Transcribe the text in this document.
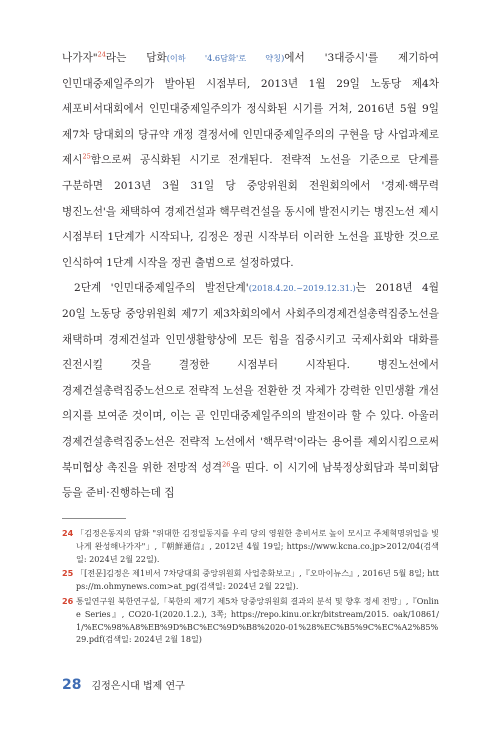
나가자"$^{24}$라는 담화(이하 '4.6담화'로 약칭)에서 '3대증시'를 제기하여 인민대중제일주의가 발아된 시점부터, 2013년 1월 29일 노동당 제4차 세포비서대회에서 인민대중제일주의가 정식화된 시기를 거쳐, 2016년 5월 9일 제7차 당대회의 당규약 개정 결정서에 인민대중제일주의의 구현을 당 사업과제로 제시$^{25}$함으로써 공식화된 시기로 전개된다. 전략적 노선을 기준으로 단계를 구분하면 2013년 3월 31일 당 중앙위원회 전원회의에서 '경제·핵무력 병진노선'을 채택하여 경제건설과 핵무력건설을 동시에 발전시키는 병진노선 제시 시점부터 1단계가 시작되나, 김정은 정권 시작부터 이러한 노선을 표방한 것으로 인식하여 1단계 시작을 정권 출범으로 설정하였다.

2단계 '인민대중제일주의 발전단계'(2018.4.20.~2019.12.31.)는 2018년 4월 20일 노동당 중앙위원회 제7기 제3차회의에서 사회주의경제건설총력집중노선을 채택하며 경제건설과 인민생활향상에 모든 힘을 집중시키고 국제사회와 대화를 진전시킬 것을 결정한 시점부터 시작된다. 병진노선에서 경제건설총력집중노선으로 전략적 노선을 전환한 것 자체가 강력한 인민생활 개선 의지를 보여준 것이며, 이는 곧 인민대중제일주의의 발전이라 할 수 있다. 아울러 경제건설총력집중노선은 전략적 노선에서 '핵무력'이라는 용어를 제외시킴으로써 북미협상 촉진을 위한 전망적 성격$^{26}$을 띤다. 이 시기에 남북정상회담과 북미회담 등을 준비·진행하는데 집

24 「김정은동지의 담화 "위대한 김정일동지를 우리 당의 영원한 총비서로 높이 모시고 주체혁명위업을 빛나게 완성해나가자"」,『朝鮮通信』, 2012년 4월 19일; https://www.kcna.co.jp>2012/04(검색일: 2024년 2월 22일).
25 「[전문]김정은 제1비서 7차당대회 중앙위원회 사업총화보고」,『오마이뉴스』, 2016년 5월 8일; https://m.ohmynews.com>at_pg(검색일: 2024년 2월 22일).
26 통일연구원 북한연구실,「북한의 제7기 제5차 당중앙위원회 결과의 분석 및 향후 정세 전망」,『Online Series』, CO20-1(2020.1.2.), 3쪽; https://repo.kinu.or.kr/bitstream/2015. oak/10861/1/%EC%98%A8%EB%9D%BC%EC%9D%B8%2020-01%28%EC%B5%9C%EC%A2%85%29.pdf(검색일: 2024년 2월 18일)
28 김정은시대 법제 연구
